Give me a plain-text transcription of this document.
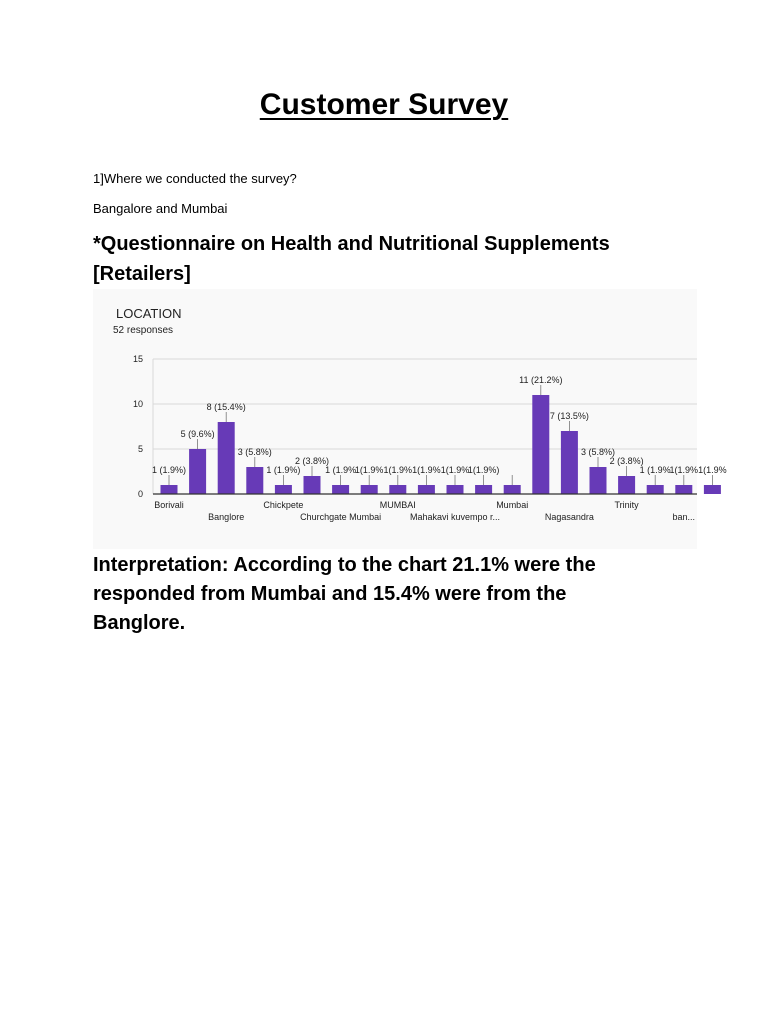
Customer Survey
1]Where we conducted the survey?
Bangalore and Mumbai
*Questionnaire on Health and Nutritional Supplements [Retailers]
LOCATION
52 responses
0
5
10
15
1 (1.9%)
5 (9.6%)
8 (15.4%)
3 (5.8%)
1 (1.9%)
2 (3.8%)
1 (1.9%
1(1.9% 1(1.9% 1(1.9% 1(1.9%
1(1.9%)
11 (21.2%)
7 (13.5%)
3 (5.8%)
2 (3.8%)
1 (1.9%
1(1.9% 1(1.9%
Borivali	Chickpete	MUMBAI	Mumbai	Trinity
Banglore	Churchgate Mumbai	Mahakavi kuvempo r...	Nagasandra	ban...
Interpretation: According to the chart 21.1% were the responded from Mumbai and 15.4% were from the Banglore.
